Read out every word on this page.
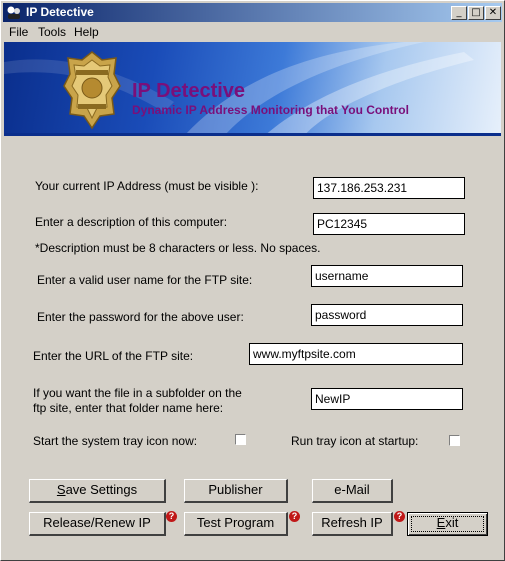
IP Detective	_ □ ✕
File Tools Help
IP Detective
Dynamic IP Address Monitoring that You Control
Your current IP Address (must be visible ):	137.186.253.231
Enter a description of this computer:	PC12345
*Description must be 8 characters or less. No spaces.
Enter a valid user name for the FTP site:	username
Enter the password for the above user:	password
Enter the URL of the FTP site:	www.myftpsite.com
If you want the file in a subfolder on the
ftp site, enter that folder name here:
NewIP
Start the system tray icon now:	Run tray icon at startup:
Save Settings	Publisher	e-Mail
Release/Renew IP	?	Test Program	?	Refresh IP	?	Exit
